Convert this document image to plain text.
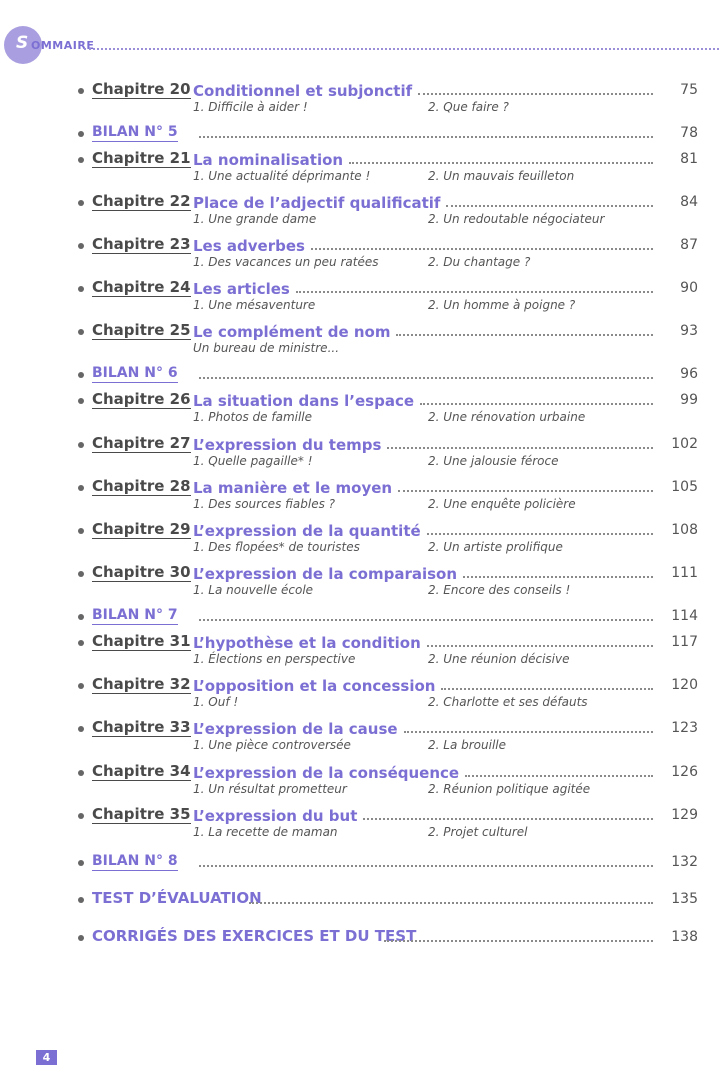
S OMMAIRE
Chapitre 20 Conditionnel et subjonctif	75
1. Difficile à aider !	2. Que faire ?
BILAN N° 5	78
Chapitre 21 La nominalisation	81
1. Une actualité déprimante !	2. Un mauvais feuilleton
Chapitre 22 Place de l’adjectif qualificatif	84
1. Une grande dame	2. Un redoutable négociateur
Chapitre 23 Les adverbes	87
1. Des vacances un peu ratées	2. Du chantage ?
Chapitre 24 Les articles	90
1. Une mésaventure	2. Un homme à poigne ?
Chapitre 25 Le complément de nom	93
Un bureau de ministre...
BILAN N° 6	96
Chapitre 26 La situation dans l’espace	99
1. Photos de famille	2. Une rénovation urbaine
Chapitre 27 L’expression du temps	102
1. Quelle pagaille* !	2. Une jalousie féroce
Chapitre 28 La manière et le moyen	105
1. Des sources fiables ?	2. Une enquête policière
Chapitre 29 L’expression de la quantité	108
1. Des flopées* de touristes	2. Un artiste prolifique
Chapitre 30 L’expression de la comparaison	111
1. La nouvelle école	2. Encore des conseils !
BILAN N° 7	114
Chapitre 31 L’hypothèse et la condition	117
1. Élections en perspective	2. Une réunion décisive
Chapitre 32 L’opposition et la concession	120
1. Ouf !	2. Charlotte et ses défauts
Chapitre 33 L’expression de la cause	123
1. Une pièce controversée	2. La brouille
Chapitre 34 L’expression de la conséquence	126
1. Un résultat prometteur	2. Réunion politique agitée
Chapitre 35 L’expression du but	129
1. La recette de maman	2. Projet culturel
BILAN N° 8	132
TEST D’ÉVALUATION	135
CORRIGÉS DES EXERCICES ET DU TEST	138
4
